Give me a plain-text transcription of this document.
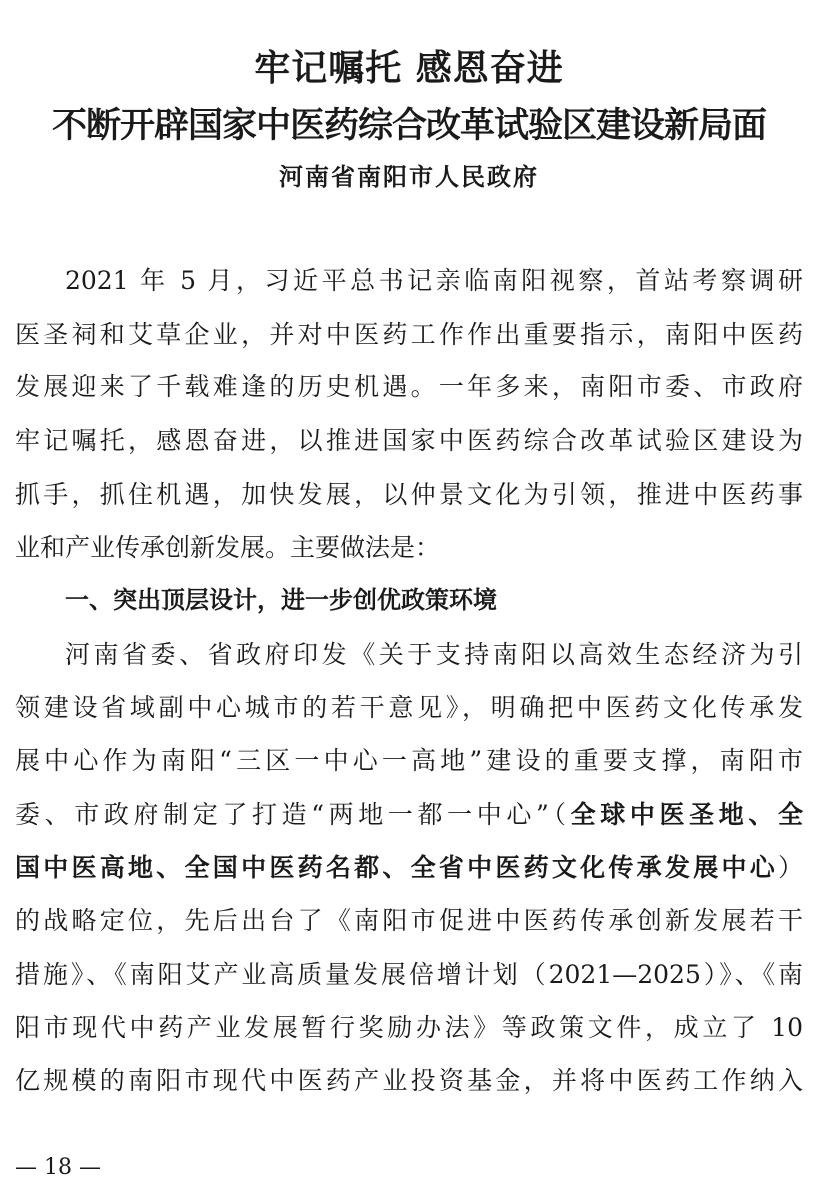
牢记嘱托 感恩奋进
不断开辟国家中医药综合改革试验区建设新局面
河南省南阳市人民政府
2021 年 5 月，习近平总书记亲临南阳视察，首站考察调研
医圣祠和艾草企业，并对中医药工作作出重要指示，南阳中医药
发展迎来了千载难逢的历史机遇。一年多来，南阳市委、市政府
牢记嘱托，感恩奋进，以推进国家中医药综合改革试验区建设为
抓手，抓住机遇，加快发展，以仲景文化为引领，推进中医药事
业和产业传承创新发展。主要做法是：
一、突出顶层设计，进一步创优政策环境
河南省委、省政府印发《关于支持南阳以高效生态经济为引
领建设省域副中心城市的若干意见》，明确把中医药文化传承发
展中心作为南阳“三区一中心一高地”建设的重要支撑，南阳市
委、市政府制定了打造“两地一都一中心”（全球中医圣地、全
国中医高地、全国中医药名都、全省中医药文化传承发展中心）
的战略定位，先后出台了《南阳市促进中医药传承创新发展若干
措施》、《南阳艾产业高质量发展倍增计划（2021—2025）》、《南
阳市现代中药产业发展暂行奖励办法》等政策文件，成立了 10
亿规模的南阳市现代中医药产业投资基金，并将中医药工作纳入
— 18 —
